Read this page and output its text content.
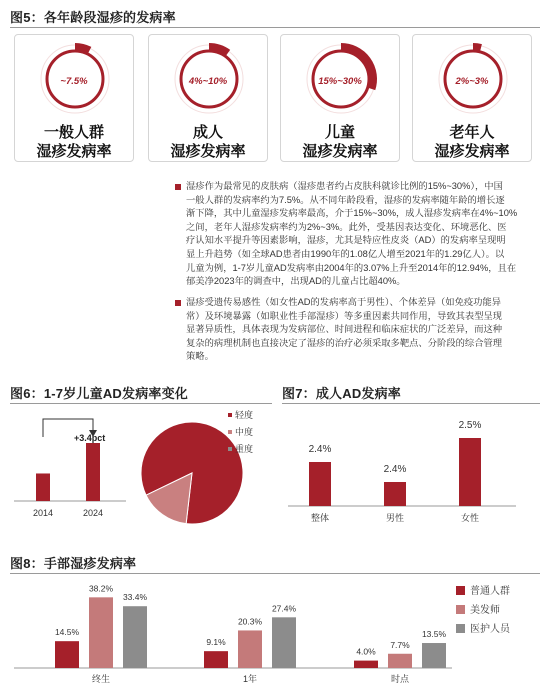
图5：各年龄段湿疹的发病率
~7.5%
一般人群
湿疹发病率
4%~10%
成人
湿疹发病率
15%~30%
儿童
湿疹发病率
2%~3%
老年人
湿疹发病率
湿疹作为最常见的皮肤病（湿疹患者约占皮肤科就诊比例的15%~30%），中国
一般人群的发病率约为7.5%。从不同年龄段看，湿疹的发病率随年龄的增长逐
渐下降，其中儿童湿疹发病率最高，介于15%~30%，成人湿疹发病率在4%~10%
之间，老年人湿疹发病率约为2%~3%。此外，受基因表达变化、环境恶化、医
疗认知水平提升等因素影响，湿疹，尤其是特应性皮炎（AD）的发病率呈现明
显上升趋势（如全球AD患者由1990年的1.08亿人增至2021年的1.29亿人）。以
儿童为例，1-7岁儿童AD发病率由2004年的3.07%上升至2014年的12.94%，且在
郁美净2023年的调查中，出现AD的儿童占比超40%。
湿疹受遗传易感性（如女性AD的发病率高于男性）、个体差异（如免疫功能异
常）及环境暴露（如职业性手部湿疹）等多重因素共同作用，导致其表型呈现
显著异质性，具体表现为发病部位、时间进程和临床症状的广泛差异，而这种
复杂的病理机制也直接决定了湿疹的治疗必须采取多靶点、分阶段的综合管理
策略。
图6：1-7岁儿童AD发病率变化
2014	2024
+3.4pct
轻度
中度
重度
图7：成人AD发病率
2.4%
整体
2.4%
男性
2.5%
女性
图8：手部湿疹发病率
14.5%
38.2%
33.4%
终生
9.1%
20.3%
27.4%
1年
4.0%
7.7%
13.5%
时点
普通人群
美发师
医护人员
